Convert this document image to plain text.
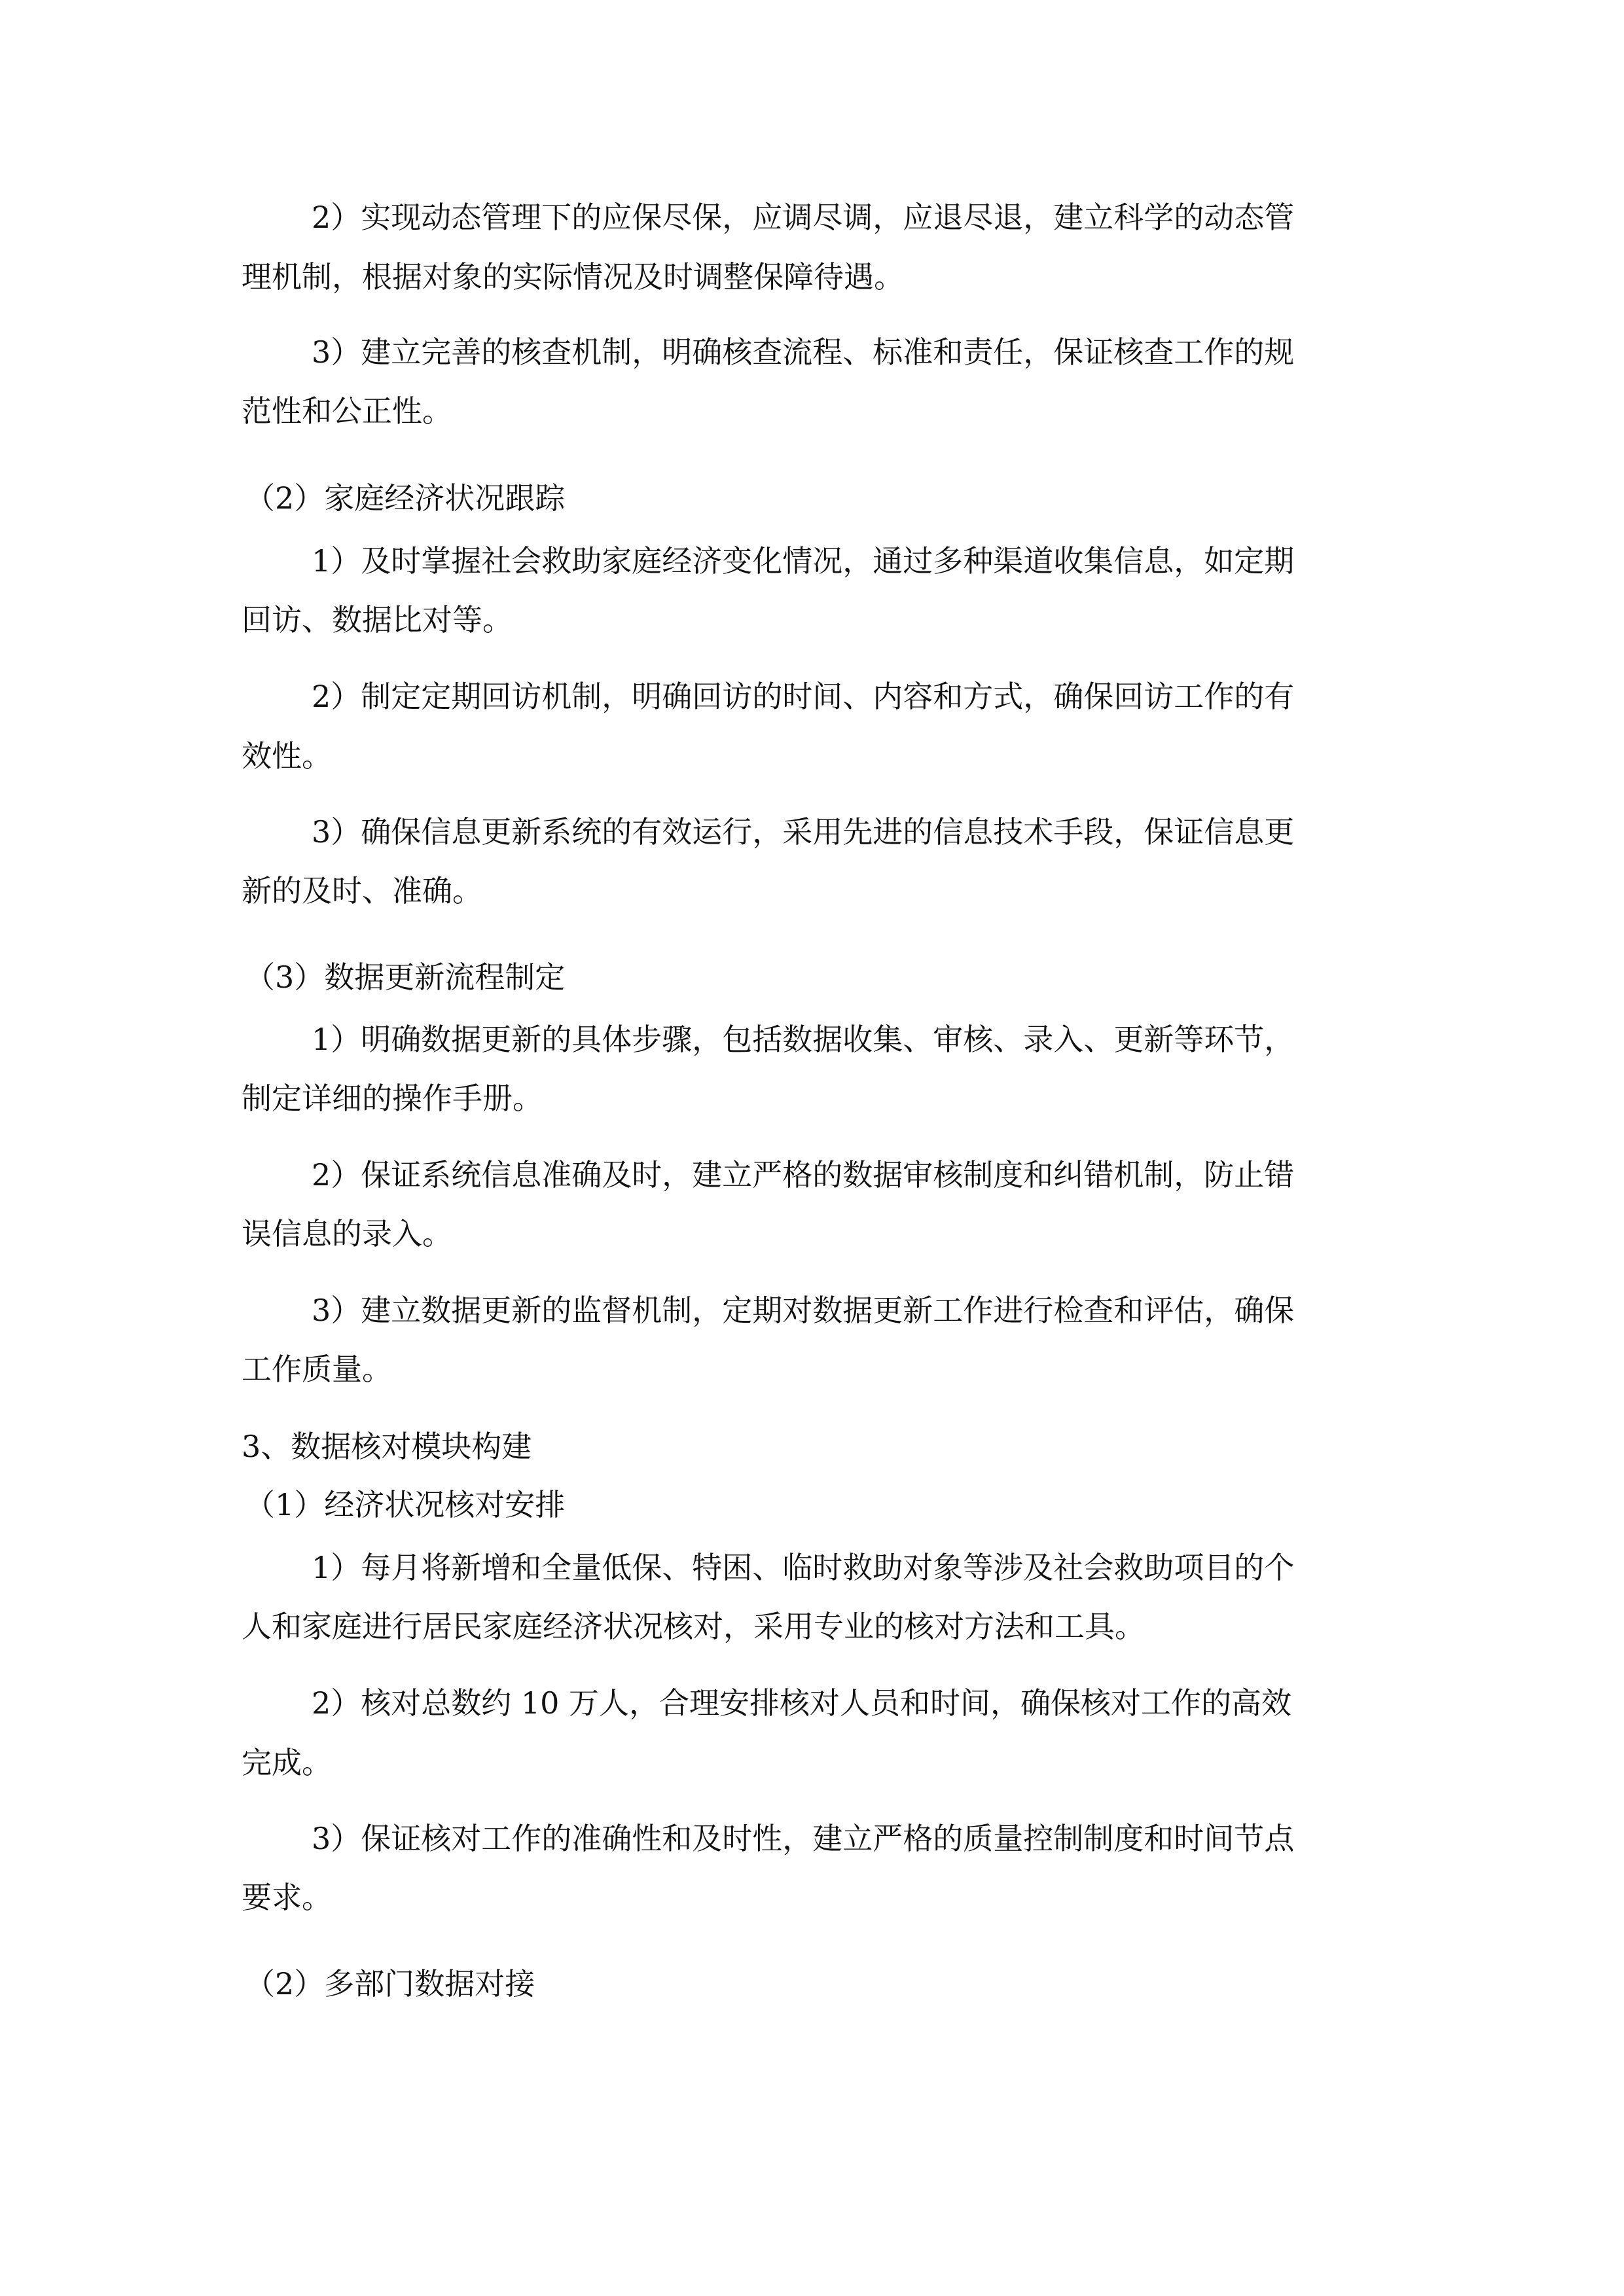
2）实现动态管理下的应保尽保，应调尽调，应退尽退，建立科学的动态管
理机制，根据对象的实际情况及时调整保障待遇。
3）建立完善的核查机制，明确核查流程、标准和责任，保证核查工作的规
范性和公正性。
（2）家庭经济状况跟踪
1）及时掌握社会救助家庭经济变化情况，通过多种渠道收集信息，如定期
回访、数据比对等。
2）制定定期回访机制，明确回访的时间、内容和方式，确保回访工作的有
效性。
3）确保信息更新系统的有效运行，采用先进的信息技术手段，保证信息更
新的及时、准确。
（3）数据更新流程制定
1）明确数据更新的具体步骤，包括数据收集、审核、录入、更新等环节，
制定详细的操作手册。
2）保证系统信息准确及时，建立严格的数据审核制度和纠错机制，防止错
误信息的录入。
3）建立数据更新的监督机制，定期对数据更新工作进行检查和评估，确保
工作质量。
3、数据核对模块构建
（1）经济状况核对安排
1）每月将新增和全量低保、特困、临时救助对象等涉及社会救助项目的个
人和家庭进行居民家庭经济状况核对，采用专业的核对方法和工具。
2）核对总数约 10 万人，合理安排核对人员和时间，确保核对工作的高效
完成。
3）保证核对工作的准确性和及时性，建立严格的质量控制制度和时间节点
要求。
（2）多部门数据对接
